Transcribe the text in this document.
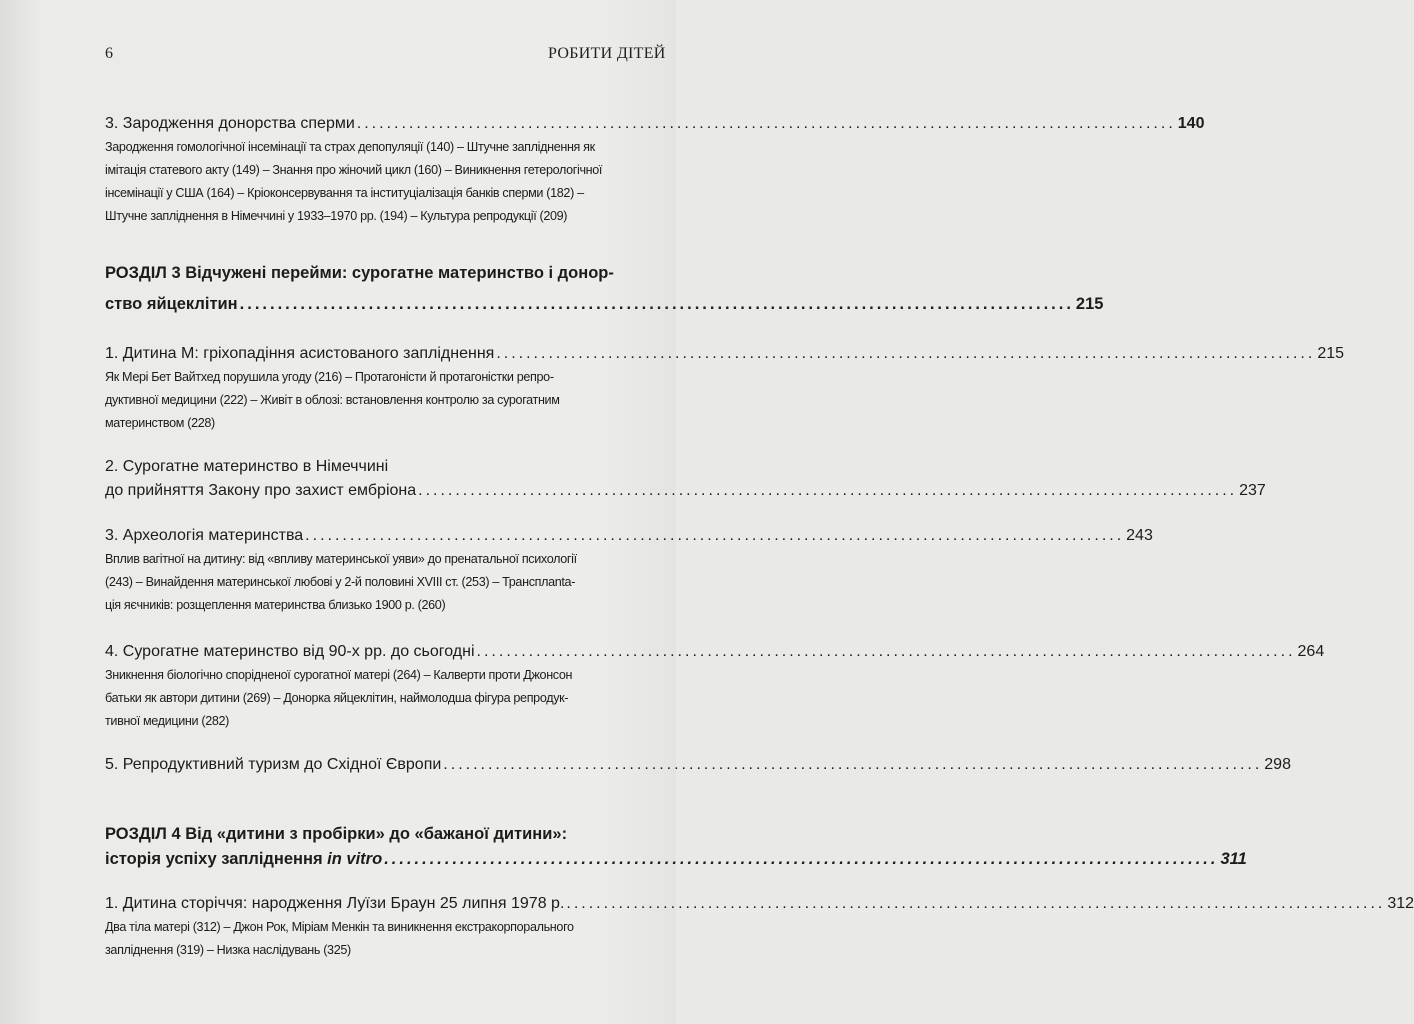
6	РОБИТИ ДІТЕЙ
3. Зародження донорства сперми
.....	140
Зародження гомологічної інсемінації та страх депопуляції (140) – Штучне запліднення як
імітація статевого акту (149) – Знання про жіночий цикл (160) – Виникнення гетерологічної
інсемінації у США (164) – Кріоконсервування та інституціалізація банків сперми (182) –
Штучне запліднення в Німеччині у 1933–1970 рр. (194) – Культура репродукції (209)
РОЗДІЛ 3 Відчужені перейми: сурогатне материнство і донор-
ство яйцеклітин
.....	215
1. Дитина М: гріхопадіння асистованого запліднення
.....	215
Як Мері Бет Вайтхед порушила угоду (216) – Протагоністи й протагоністки репро-
дуктивної медицини (222) – Живіт в облозі: встановлення контролю за сурогатним
материнством (228)
2. Сурогатне материнство в Німеччині
до прийняття Закону про захист ембріона
.....	237
3. Археологія материнства
.....	243
Вплив вагітної на дитину: від «впливу материнської уяви» до пренатальної психології
(243) – Винайдення материнської любові у 2-й половині XVIII ст. (253) – Трансплanta-
ція яєчників: розщеплення материнства близько 1900 р. (260)
4. Сурогатне материнство від 90-х рр. до сьогодні
.....	264
Зникнення біологічно спорідненої сурогатної матері (264) – Калверти проти Джонсон
батьки як автори дитини (269) – Донорка яйцеклітин, наймолодша фігура репродук-
тивної медицини (282)
5. Репродуктивний туризм до Східної Європи
.....	298
РОЗДІЛ 4 Від «дитини з пробірки» до «бажаної дитини»:
історія успіху запліднення
in vitro
.....	311
1. Дитина сторіччя: народження Луїзи Браун 25 липня 1978 р.
.....	312
Два тіла матері (312) – Джон Рок, Міріам Менкін та виникнення екстракорпорального
запліднення (319) – Низка наслідувань (325)
